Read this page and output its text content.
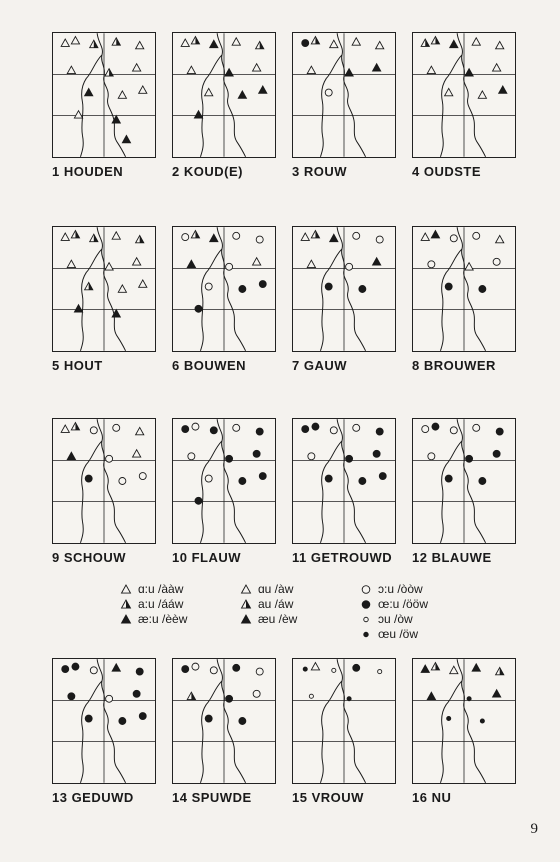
1 HOUDEN	2 KOUD(E)	3 ROUW	4 OUDSTE
5 HOUT	6 BOUWEN	7 GAUW	8 BROUWER
9 SCHOUW	10 FLAUW	11 GETROUWD 12 BLAUWE
13 GEDUWD	14 SPUWDE	15 VROUW	16 NU
ɑ:u /ààw
a:u /ááw
æ:u /èèw
ɑu /àw
au /áw
æu /èw
ɔ:u /òòw
œ:u /ööw
ɔu /òw
œu /öw
9
